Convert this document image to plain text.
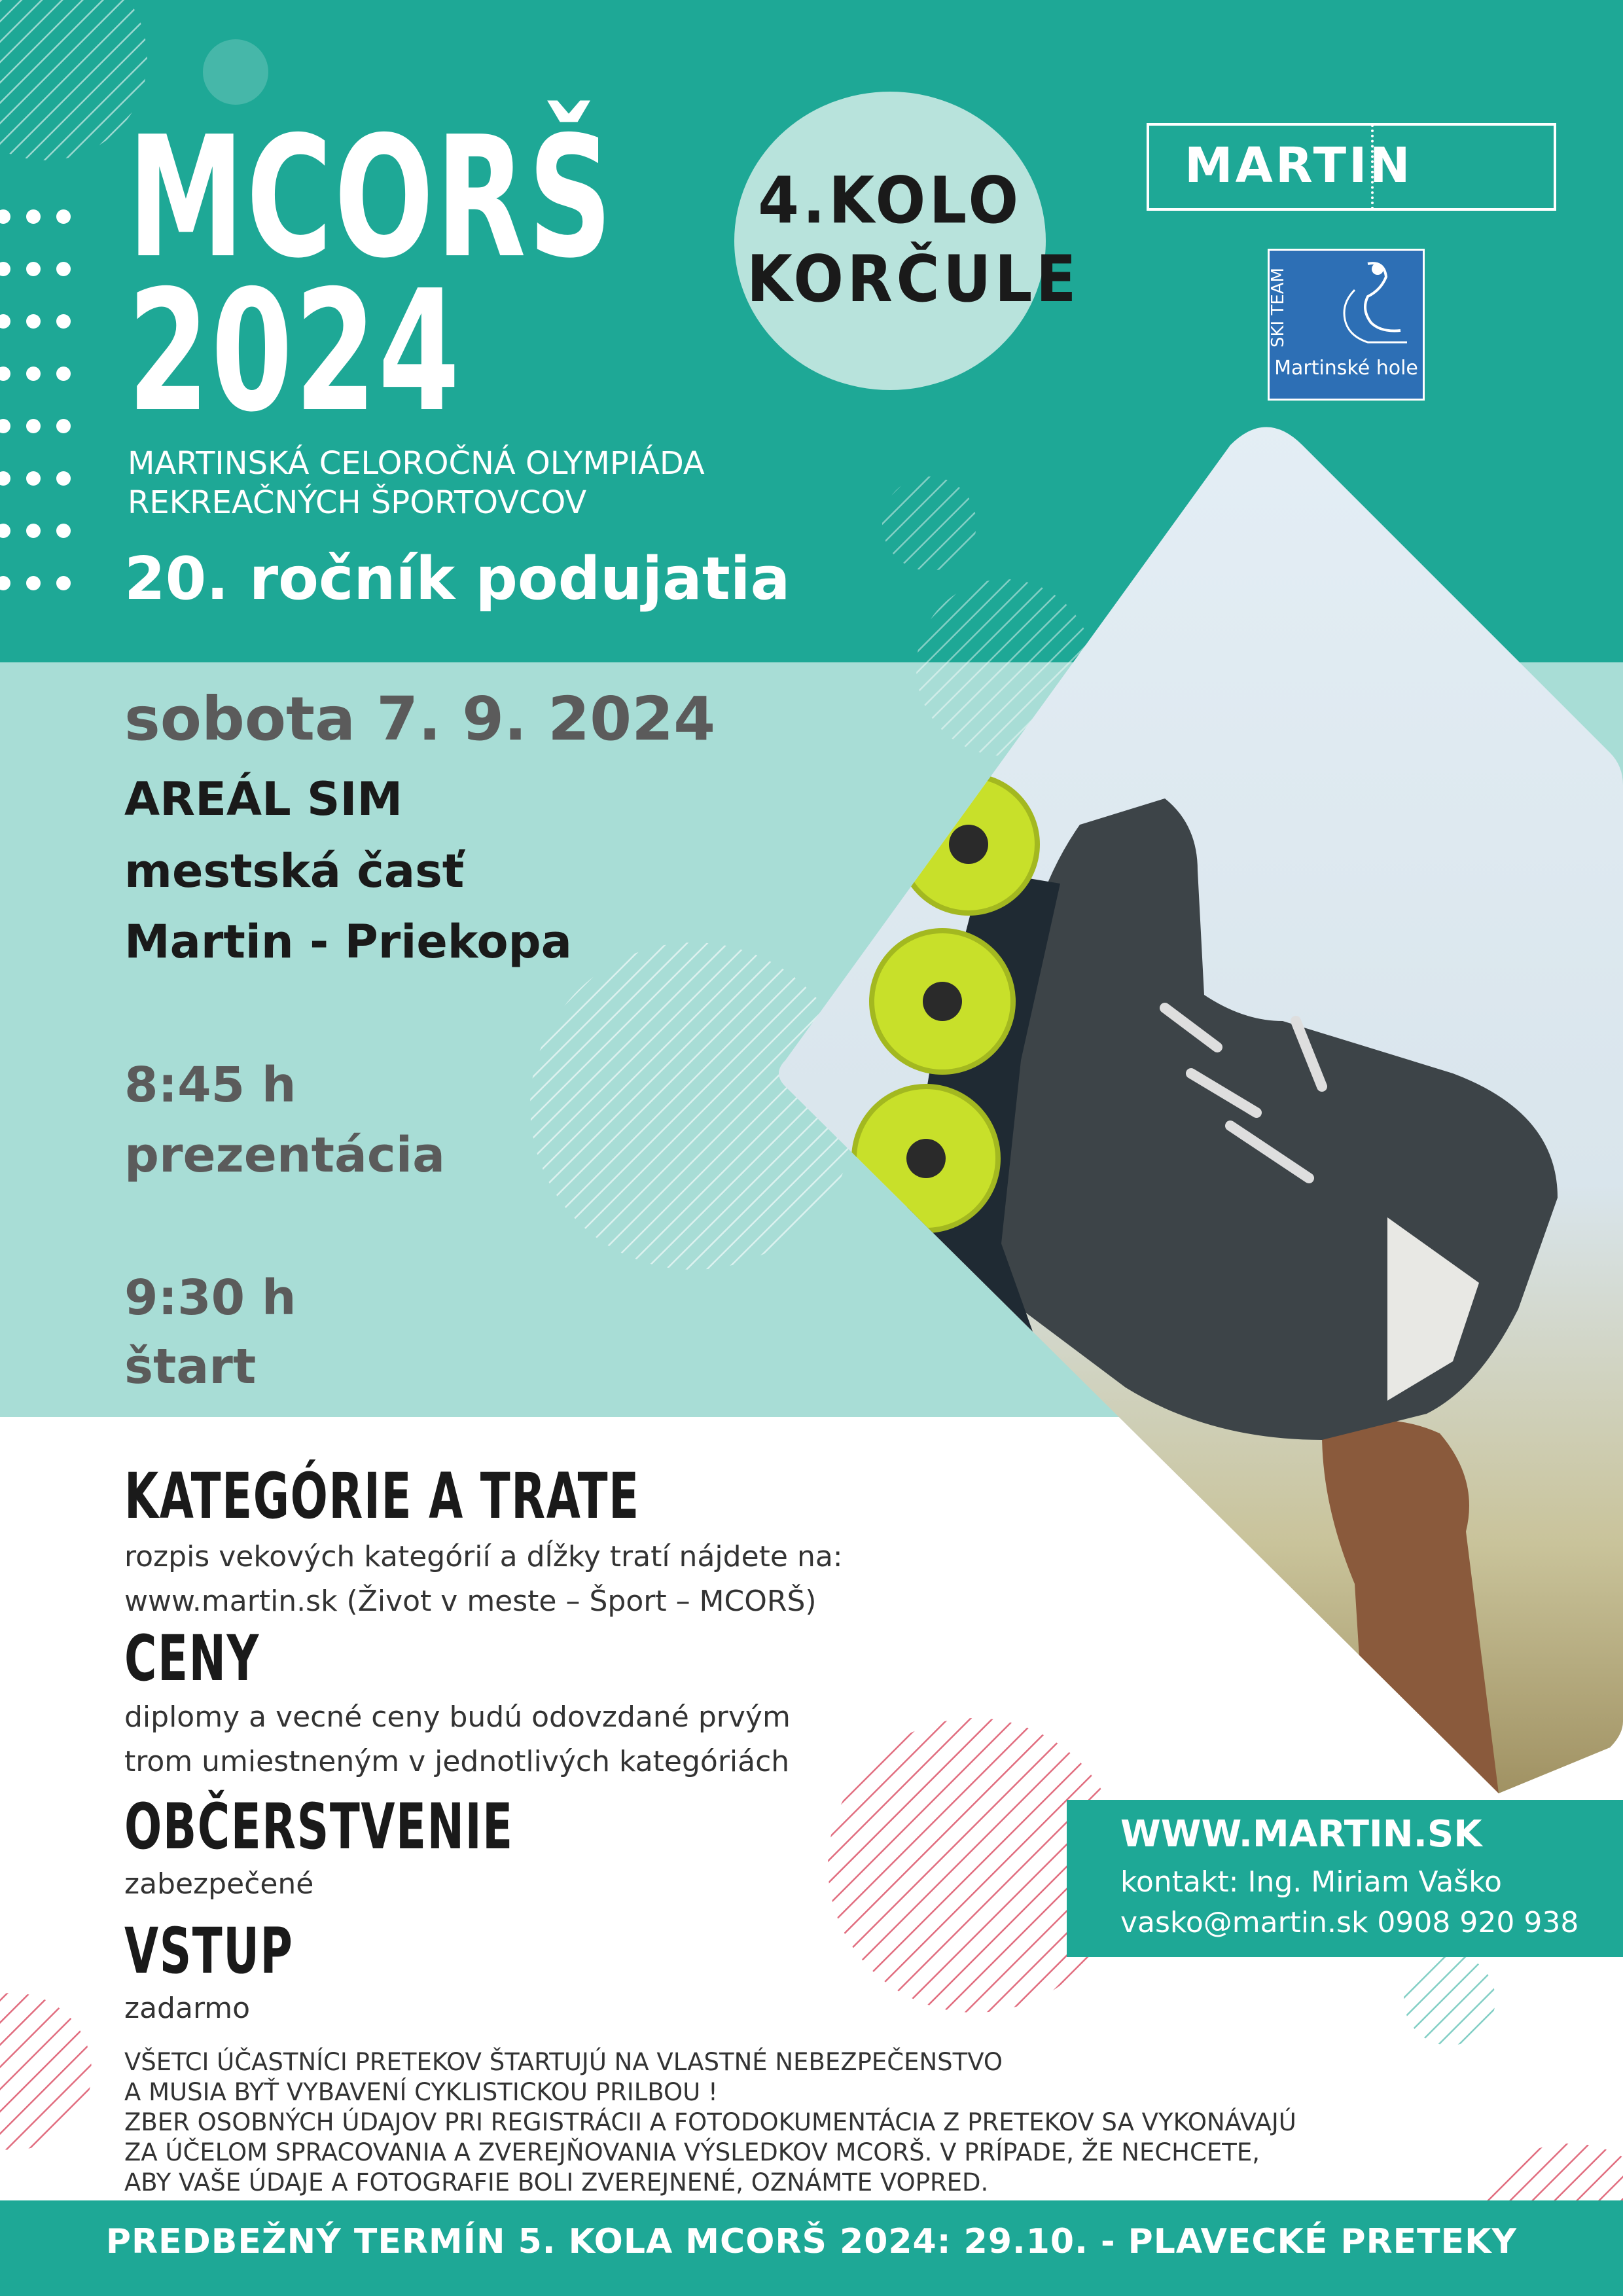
MCORŠ
2024
MARTINSKÁ CELOROČNÁ OLYMPIÁDA
REKREAČNÝCH ŠPORTOVCOV
20. ročník podujatia
4.KOLO
KORČULE
MARTIN
SKI TEAM
Martinské hole
sobota 7. 9. 2024
AREÁL SIM
mestská časť
Martin - Priekopa
8:45 h
prezentácia
9:30 h
štart
KATEGÓRIE A TRATE
rozpis vekových kategórií a dĺžky tratí nájdete na:
www.martin.sk (Život v meste – Šport – MCORŠ)
CENY
diplomy a vecné ceny budú odovzdané prvým
trom umiestneným v jednotlivých kategóriách
OBČERSTVENIE
zabezpečené
VSTUP
zadarmo
WWW.MARTIN.SK
kontakt: Ing. Miriam Vaško
vasko@martin.sk 0908 920 938
VŠETCI ÚČASTNÍCI PRETEKOV ŠTARTUJÚ NA VLASTNÉ NEBEZPEČENSTVO
A MUSIA BYŤ VYBAVENÍ CYKLISTICKOU PRILBOU !
ZBER OSOBNÝCH ÚDAJOV PRI REGISTRÁCII A FOTODOKUMENTÁCIA Z PRETEKOV SA VYKONÁVAJÚ
ZA ÚČELOM SPRACOVANIA A ZVEREJŇOVANIA VÝSLEDKOV MCORŠ. V PRÍPADE, ŽE NECHCETE,
ABY VAŠE ÚDAJE A FOTOGRAFIE BOLI ZVEREJNENÉ, OZNÁMTE VOPRED.
PREDBEŽNÝ TERMÍN 5. KOLA MCORŠ 2024: 29.10. - PLAVECKÉ PRETEKY
